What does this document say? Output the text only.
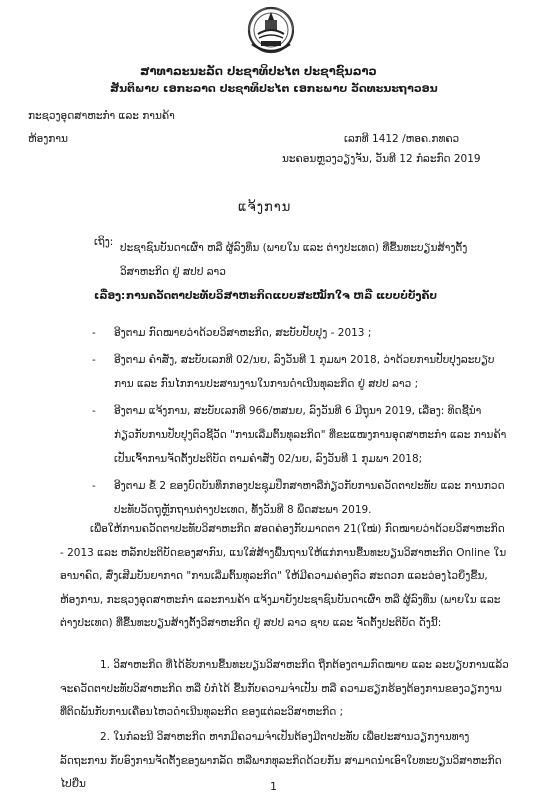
ສາທາລະນະລັດ ປະຊາທິປະໄຕ ປະຊາຊົນລາວ
ສັນຕິພາບ ເອກະລາດ ປະຊາທິປະໄຕ ເອກະພາບ ວັດທະນະຖາວອນ
ກະຊວງອຸດສາຫະກຳ ແລະ ການຄ້າ
ຫ້ອງການ	ເລກທີ 1412 /ຫອຄ.ກທຄວ
ນະຄອນຫຼວງວຽງຈັນ, ວັນທີ 12 ກໍລະກົດ 2019
ແຈ້ງການ
ເຖິງ: ປະຊາຊົນບັນດາເຜົ່າ ຫລື ຜູ້ລົງທຶນ (ພາຍໃນ ແລະ ຕ່າງປະເທດ) ທີ່ຂື້ນທະບຽນສ້າງຕັ້ງວິສາຫະກິດ ຢູ່ ສປປ ລາວ
ເລື່ອງ: ການຄວັດຕາປະທັບວິສາຫະກິດແບບສະໝັກໃຈ ຫລື ແບບບໍ່ບັງຄັບ
- ອີງຕາມ ກົດໝາຍວ່າດ້ວຍວິສາຫະກິດ, ສະບັບປັບປຸງ - 2013 ;
- ອີງຕາມ ຄຳສັ່ງ, ສະບັບເລກທີ 02/ນຍ, ລົງວັນທີ 1 ກຸມພາ 2018, ວ່າດ້ວຍການປັບປຸງລະບຽບການ ແລະ ກົນໄກການປະສານງານໃນການດຳເນີນທຸລະກິດ ຢູ່ ສປປ ລາວ ;
- ອີງຕາມ ແຈ້ງການ, ສະບັບເລກທີ 966/ຫສນຍ, ລົງວັນທີ 6 ມີຖຸນາ 2019, ເລື່ອງ: ທິດຊີ້ນຳກ່ຽວກັບການປັບປຸງຕົວຊີ້ວັດ "ການເລີ່ມຕົ້ນທຸລະກິດ" ທີ່ຂະແໜງການອຸດສາຫະກຳ ແລະ ການຄ້າ ເປັນເຈົ້າການຈັດຕັ້ງປະຕິບັດ ຕາມຄຳສັ່ງ 02/ນຍ, ລົງວັນທີ 1 ກຸມພາ 2018;
- ອີງຕາມ ຂໍ້ 2 ຂອງບົດບັນທຶກກອງປະຊຸມປຶກສາຫາລືກ່ຽວກັບການຄວັດຕາປະທັບ ແລະ ການກວດປະທັບວັດຖຸຫຼັກຖານຕ່າງປະເທດ, ທັ້ງວັນທີ 8 ພຶດສະພາ 2019.

ເພື່ອໃຫ້ການຄວັດຕາປະທັບວິສາຫະກິດ ສອດຄ່ອງກັບມາດຕາ 21(ໃໝ່) ກົດໝາຍວ່າດ້ວຍວິສາຫະກິດ - 2013 ແລະ ຫລັກປະຕິບັດຂອງສາກົນ, ແນໃສ່ສ້າງພື້ນຖານໃຫ້ແກ່ການຂື້ນທະບຽນວິສາຫະກິດ Online ໃນອານາຄົດ, ສົ່ງເສີມບັນຍາກາດ "ການເລີ່ມຕົ້ນທຸລະກິດ" ໃຫ້ມີຄວາມຄ່ອງຕົວ ສະດວກ ແລະວ່ອງໄວຍິ່ງຂື້ນ, ຫ້ອງການ, ກະຊວງອຸດສາຫະກຳ ແລະການຄ້າ ແຈ້ງມາຍັງປະຊາຊົນບັນດາເຜົ່າ ຫລື ຜູ້ລົງທຶນ (ພາຍໃນ ແລະ ຕ່າງປະເທດ) ທີ່ຂື້ນທະບຽນສ້າງຕັ້ງວິສາຫະກິດ ຢູ່ ສປປ ລາວ ຊາບ ແລະ ຈັດຕັ້ງປະຕິບັດ ດັ່ງນີ້:

1. ວິສາຫະກິດ ທີ່ໄດ້ຮັບການຂື້ນທະບຽນວິສາຫະກິດ ຖືກຕ້ອງຕາມກົດໝາຍ ແລະ ລະບຽບການແລ້ວ ຈະຄວັດຕາປະທັບວິສາຫະກິດ ຫລື ບໍ່ກໍໄດ້ ຂື້ນກັບຄວາມຈຳເປັນ ຫລື ຄວາມຮຽກຮ້ອງຕ້ອງການຂອງວຽກງານ ທີ່ຕິດພັນກັບການເຄື່ອນໄຫວດຳເນີນທຸລະກິດ ຂອງແຕ່ລະວິສາຫະກິດ ;

2. ໃນກໍລະນີ ວິສາຫະກິດ ຫາກມີຄວາມຈຳເປັນຕ້ອງມີຕາປະທັບ ເພື່ອປະສານວຽກງານທາງລັດຖະການ ກັບອົງການຈັດຕັ້ງຂອງພາກລັດ ຫລືພາກທຸລະກິດດ້ວຍກັນ ສາມາດນຳເອົາໃບທະບຽນວິສາຫະກິດ ໄປຍື່ນ	1
